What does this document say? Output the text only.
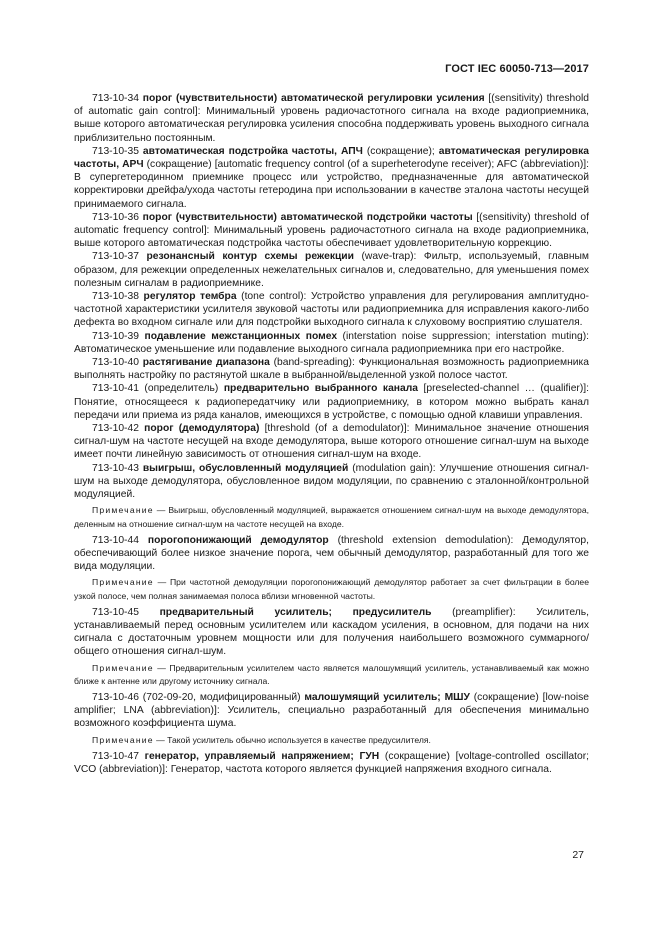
ГОСТ IEC 60050-713—2017

713-10-34 порог (чувствительности) автоматической регулировки усиления [(sensitivity) threshold of automatic gain control]: Минимальный уровень радиочастотного сигнала на входе радиоприемника, выше которого автоматическая регулировка усиления способна поддерживать уровень выходного сигнала приблизительно постоянным.

713-10-35 автоматическая подстройка частоты, АПЧ (сокращение); автоматическая регулировка частоты, АРЧ (сокращение) [automatic frequency control (of a superheterodyne receiver); AFC (abbreviation)]: В супергетеродинном приемнике процесс или устройство, предназначенные для автоматической корректировки дрейфа/ухода частоты гетеродина при использовании в качестве эталона частоты несущей принимаемого сигнала.

713-10-36 порог (чувствительности) автоматической подстройки частоты [(sensitivity) threshold of automatic frequency control]: Минимальный уровень радиочастотного сигнала на входе радиоприемника, выше которого автоматическая подстройка частоты обеспечивает удовлетворительную коррекцию.

713-10-37 резонансный контур схемы режекции (wave-trap): Фильтр, используемый, главным образом, для режекции определенных нежелательных сигналов и, следовательно, для уменьшения помех полезным сигналам в радиоприемнике.

713-10-38 регулятор тембра (tone control): Устройство управления для регулирования амплитудно-частотной характеристики усилителя звуковой частоты или радиоприемника для исправления какого-либо дефекта во входном сигнале или для подстройки выходного сигнала к слуховому восприятию слушателя.

713-10-39 подавление межстанционных помех (interstation noise suppression; interstation muting): Автоматическое уменьшение или подавление выходного сигнала радиоприемника при его настройке.

713-10-40 растягивание диапазона (band-spreading): Функциональная возможность радиоприемника выполнять настройку по растянутой шкале в выбранной/выделенной узкой полосе частот.

713-10-41 (определитель) предварительно выбранного канала [preselected-channel … (qualifier)]: Понятие, относящееся к радиопередатчику или радиоприемнику, в котором можно выбрать канал передачи или приема из ряда каналов, имеющихся в устройстве, с помощью одной клавиши управления.

713-10-42 порог (демодулятора) [threshold (of a demodulator)]: Минимальное значение отношения сигнал-шум на частоте несущей на входе демодулятора, выше которого отношение сигнал-шум на выходе имеет почти линейную зависимость от отношения сигнал-шум на входе.

713-10-43 выигрыш, обусловленный модуляцией (modulation gain): Улучшение отношения сигнал-шум на выходе демодулятора, обусловленное видом модуляции, по сравнению с эталонной/контрольной модуляцией.

Примечание — Выигрыш, обусловленный модуляцией, выражается отношением сигнал-шум на выходе демодулятора, деленным на отношение сигнал-шум на частоте несущей на входе.

713-10-44 порогопонижающий демодулятор (threshold extension demodulation): Демодулятор, обеспечивающий более низкое значение порога, чем обычный демодулятор, разработанный для того же вида модуляции.

Примечание — При частотной демодуляции порогопонижающий демодулятор работает за счет фильтрации в более узкой полосе, чем полная занимаемая полоса вблизи мгновенной частоты.

713-10-45 предварительный усилитель; предусилитель (preamplifier): Усилитель, устанавливаемый перед основным усилителем или каскадом усиления, в основном, для подачи на них сигнала с достаточным уровнем мощности или для получения наибольшего возможного суммарного/общего отношения сигнал-шум.

Примечание — Предварительным усилителем часто является малошумящий усилитель, устанавливаемый как можно ближе к антенне или другому источнику сигнала.

713-10-46 (702-09-20, модифицированный) малошумящий усилитель; МШУ (сокращение) [low-noise amplifier; LNA (abbreviation)]: Усилитель, специально разработанный для обеспечения минимально возможного коэффициента шума.

Примечание — Такой усилитель обычно используется в качестве предусилителя.

713-10-47 генератор, управляемый напряжением; ГУН (сокращение) [voltage-controlled oscillator; VCO (abbreviation)]: Генератор, частота которого является функцией напряжения входного сигнала.

27
